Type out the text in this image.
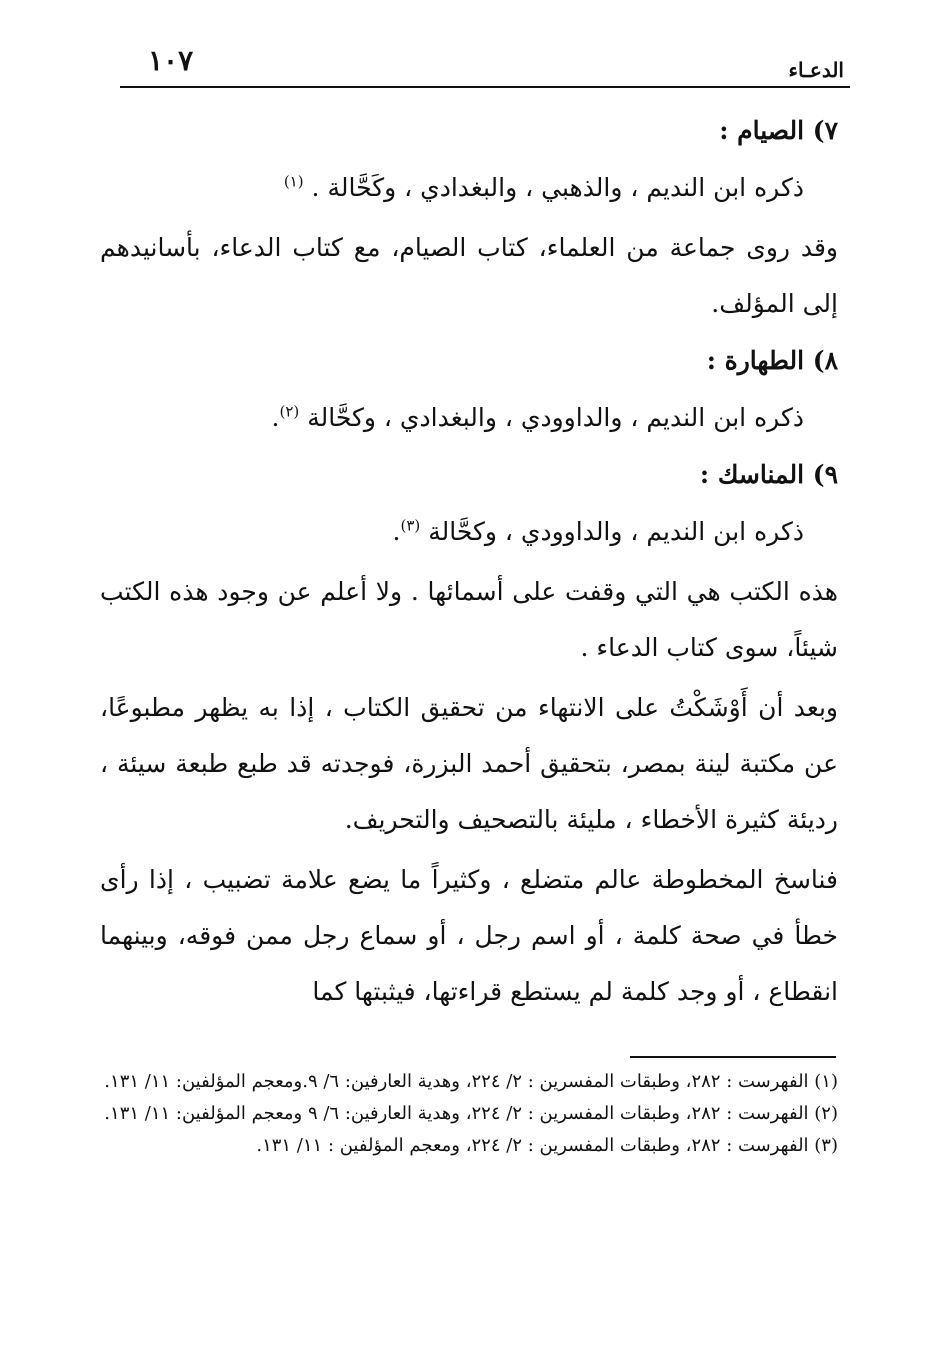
١٠٧	الدعـاء

٧) الصيام :

ذكره ابن النديم ، والذهبي ، والبغدادي ، وكَحَّالة . $^{(١)}$

وقد روى جماعة من العلماء، كتاب الصيام، مع كتاب الدعاء، بأسانيدهم إلى المؤلف.

٨) الطهارة :

ذكره ابن النديم ، والداوودي ، والبغدادي ، وكحَّالة $^{(٢)}$.

٩) المناسك :

ذكره ابن النديم ، والداوودي ، وكحَّالة $^{(٣)}$.

هذه الكتب هي التي وقفت على أسمائها . ولا أعلم عن وجود هذه الكتب شيئاً، سوى كتاب الدعاء .

وبعد أن أَوْشَكْتُ على الانتهاء من تحقيق الكتاب ، إذا به يظهر مطبوعًا، عن مكتبة لينة بمصر، بتحقيق أحمد البزرة، فوجدته قد طبع طبعة سيئة ، رديئة كثيرة الأخطاء ، مليئة بالتصحيف والتحريف.

فناسخ المخطوطة عالم متضلع ، وكثيراً ما يضع علامة تضبيب ، إذا رأى خطأ في صحة كلمة ، أو اسم رجل ، أو سماع رجل ممن فوقه، وبينهما انقطاع ، أو وجد كلمة لم يستطع قراءتها، فيثبتها كما

(١) الفهرست : ٢٨٢، وطبقات المفسرين : ٢/ ٢٢٤، وهدية العارفين: ٦/ ٩.ومعجم المؤلفين: ١١/ ١٣١.

(٢) الفهرست : ٢٨٢، وطبقات المفسرين : ٢/ ٢٢٤، وهدية العارفين: ٦/ ٩ ومعجم المؤلفين: ١١/ ١٣١.

(٣) الفهرست : ٢٨٢، وطبقات المفسرين : ٢/ ٢٢٤، ومعجم المؤلفين : ١١/ ١٣١.
